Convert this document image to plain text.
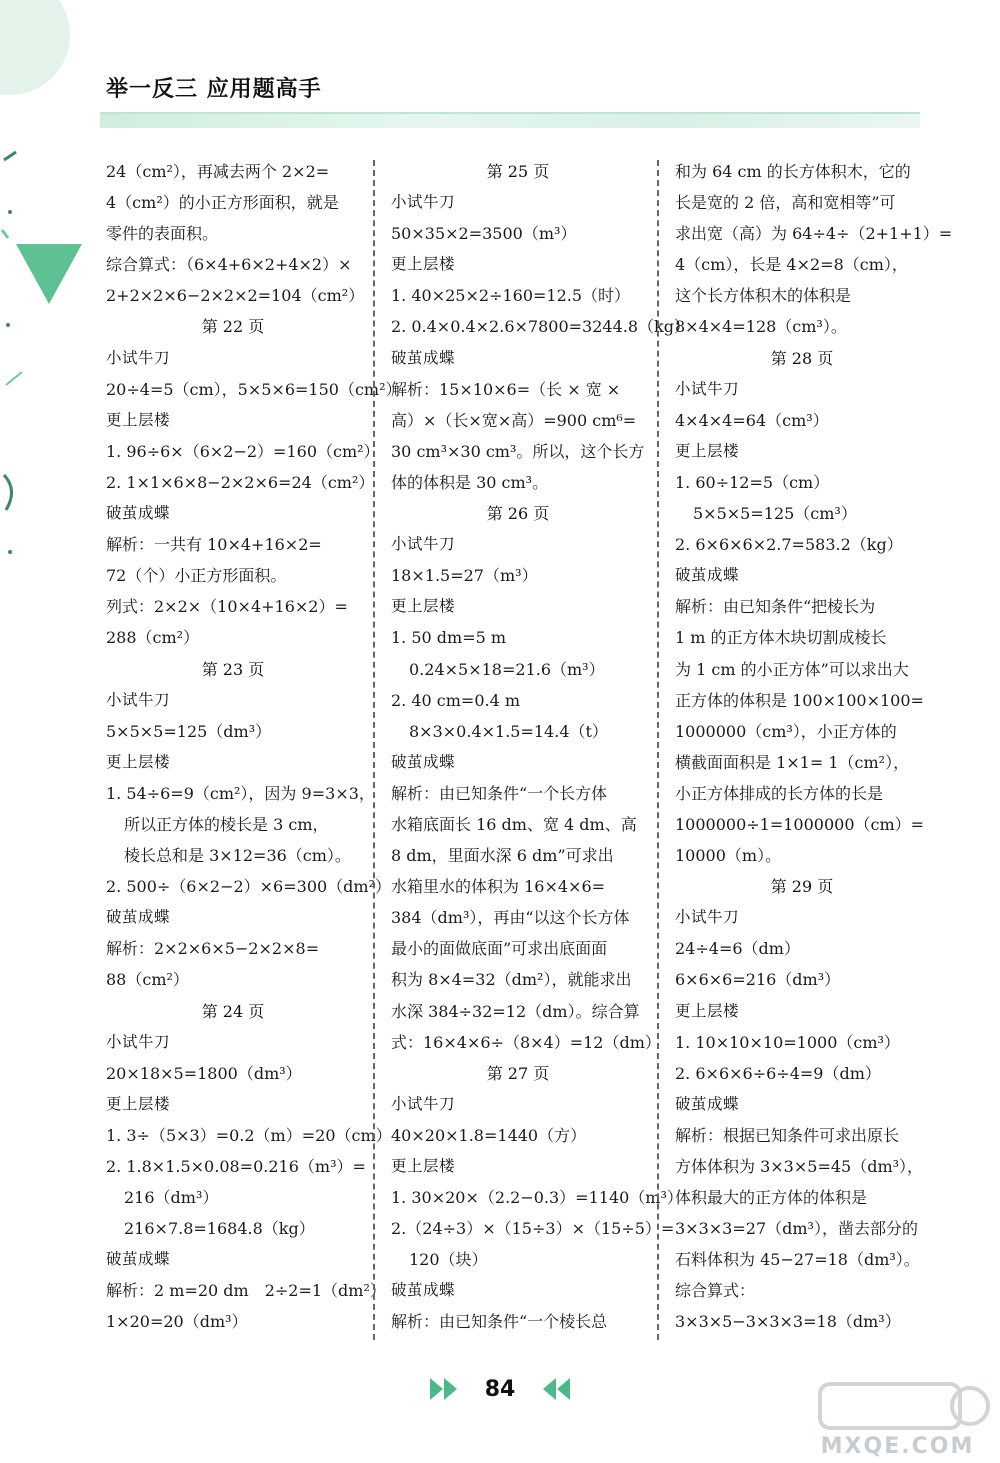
举一反三 应用题高手
24（cm²），再减去两个 2×2=
4（cm²）的小正方形面积，就是
零件的表面积。
综合算式：（6×4+6×2+4×2）×
2+2×2×6−2×2×2=104（cm²）
第 22 页
小试牛刀
20÷4=5（cm），5×5×6=150（cm²）
更上层楼
1. 96÷6×（6×2−2）=160（cm²）
2. 1×1×6×8−2×2×6=24（cm²）
破茧成蝶
解析：一共有 10×4+16×2=
72（个）小正方形面积。
列式：2×2×（10×4+16×2）=
288（cm²）
第 23 页
小试牛刀
5×5×5=125（dm³）
更上层楼
1. 54÷6=9（cm²），因为 9=3×3，
所以正方体的棱长是 3 cm，
棱长总和是 3×12=36（cm）。
2. 500÷（6×2−2）×6=300（dm²）
破茧成蝶
解析：2×2×6×5−2×2×8=
88（cm²）
第 24 页
小试牛刀
20×18×5=1800（dm³）
更上层楼
1. 3÷（5×3）=0.2（m）=20（cm）
2. 1.8×1.5×0.08=0.216（m³）=
216（dm³）
216×7.8=1684.8（kg）
破茧成蝶
解析：2 m=20 dm　2÷2=1（dm²）
1×20=20（dm³）
第 25 页
小试牛刀
50×35×2=3500（m³）
更上层楼
1. 40×25×2÷160=12.5（时）
2. 0.4×0.4×2.6×7800=3244.8（kg）
破茧成蝶
解析：15×10×6=（长 × 宽 ×
高）×（长×宽×高）=900 cm⁶=
30 cm³×30 cm³。所以，这个长方
体的体积是 30 cm³。
第 26 页
小试牛刀
18×1.5=27（m³）
更上层楼
1. 50 dm=5 m
0.24×5×18=21.6（m³）
2. 40 cm=0.4 m
8×3×0.4×1.5=14.4（t）
破茧成蝶
解析：由已知条件“一个长方体
水箱底面长 16 dm、宽 4 dm、高
8 dm，里面水深 6 dm”可求出
水箱里水的体积为 16×4×6=
384（dm³），再由“以这个长方体
最小的面做底面”可求出底面面
积为 8×4=32（dm²），就能求出
水深 384÷32=12（dm）。综合算
式：16×4×6÷（8×4）=12（dm）
第 27 页
小试牛刀
40×20×1.8=1440（方）
更上层楼
1. 30×20×（2.2−0.3）=1140（m³）
2.（24÷3）×（15÷3）×（15÷5）=
120（块）
破茧成蝶
解析：由已知条件“一个棱长总
和为 64 cm 的长方体积木，它的
长是宽的 2 倍，高和宽相等”可
求出宽（高）为 64÷4÷（2+1+1）=
4（cm），长是 4×2=8（cm），
这个长方体积木的体积是
8×4×4=128（cm³）。
第 28 页
小试牛刀
4×4×4=64（cm³）
更上层楼
1. 60÷12=5（cm）
5×5×5=125（cm³）
2. 6×6×6×2.7=583.2（kg）
破茧成蝶
解析：由已知条件“把棱长为
1 m 的正方体木块切割成棱长
为 1 cm 的小正方体”可以求出大
正方体的体积是 100×100×100=
1000000（cm³），小正方体的
横截面面积是 1×1= 1（cm²），
小正方体排成的长方体的长是
1000000÷1=1000000（cm）=
10000（m）。
第 29 页
小试牛刀
24÷4=6（dm）
6×6×6=216（dm³）
更上层楼
1. 10×10×10=1000（cm³）
2. 6×6×6÷6÷4=9（dm）
破茧成蝶
解析：根据已知条件可求出原长
方体体积为 3×3×5=45（dm³），
体积最大的正方体的体积是
3×3×3=27（dm³），凿去部分的
石料体积为 45−27=18（dm³）。
综合算式：
3×3×5−3×3×3=18（dm³）
84
MXQE.COM
